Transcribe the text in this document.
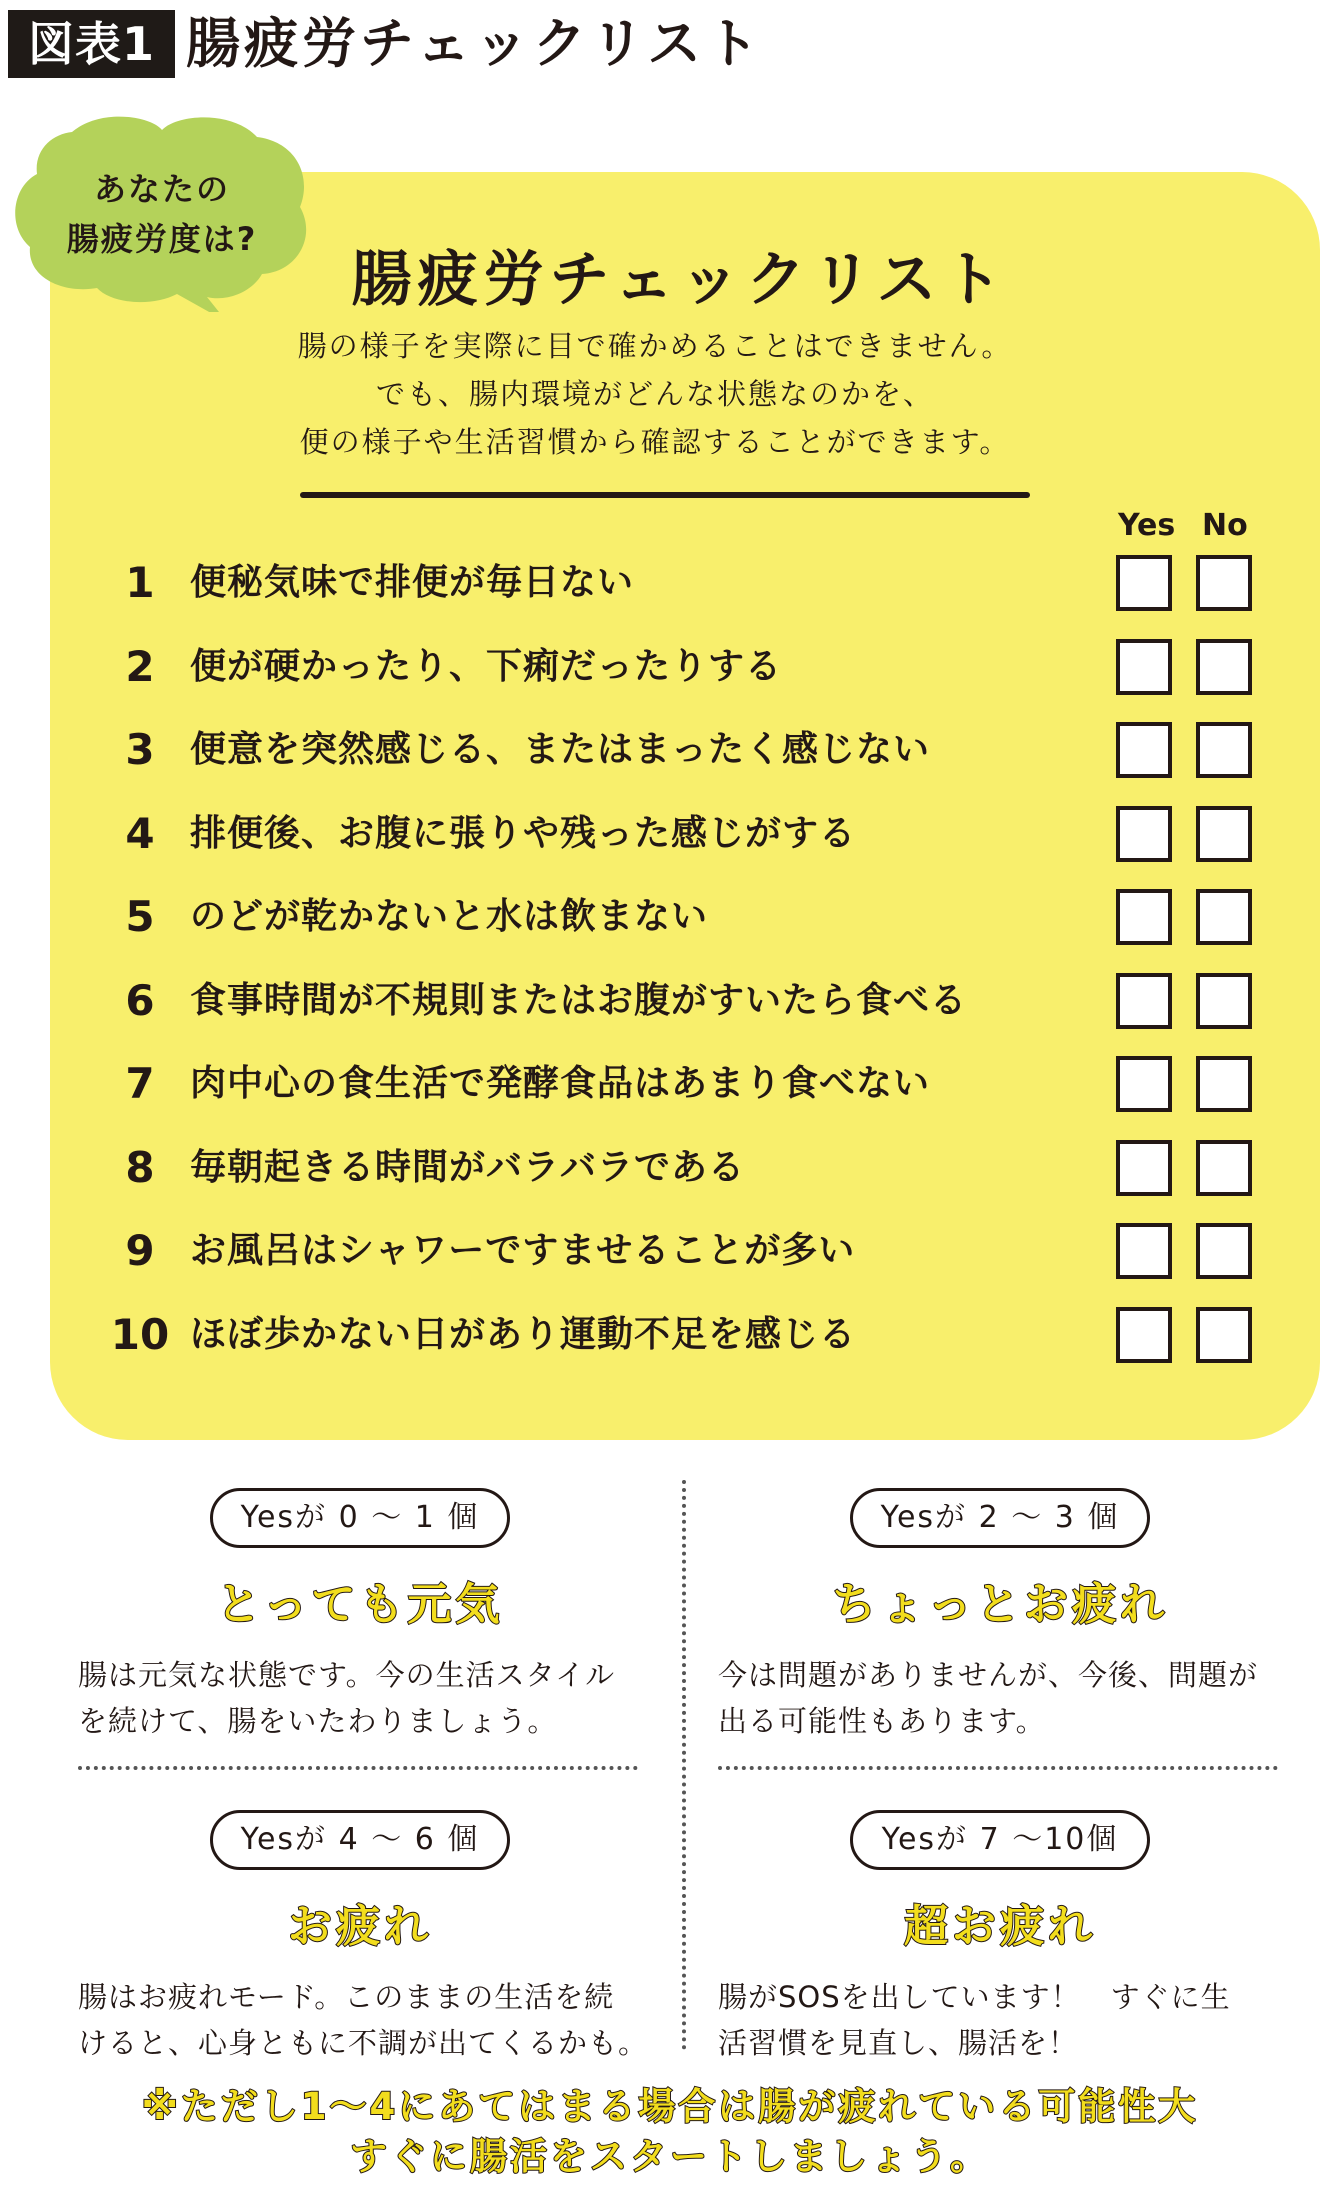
図表1 腸疲労チェックリスト
あなたの
腸疲労度は?
腸疲労チェックリスト
腸の様子を実際に目で確かめることはできません。
でも、腸内環境がどんな状態なのかを、
便の様子や生活習慣から確認することができます。
Yes No
1 便秘気味で排便が毎日ない
2 便が硬かったり、下痢だったりする
3 便意を突然感じる、またはまったく感じない
4 排便後、お腹に張りや残った感じがする
5 のどが乾かないと水は飲まない
6 食事時間が不規則またはお腹がすいたら食べる
7 肉中心の食生活で発酵食品はあまり食べない
8 毎朝起きる時間がバラバラである
9 お風呂はシャワーですませることが多い
10 ほぼ歩かない日があり運動不足を感じる
Yesが 0 ～ 1 個
とっても元気
腸は元気な状態です。今の生活スタイル
を続けて、腸をいたわりましょう。
Yesが 2 ～ 3 個
ちょっとお疲れ
今は問題がありませんが、今後、問題が
出る可能性もあります。
Yesが 4 ～ 6 個
お疲れ
腸はお疲れモード。このままの生活を続
けると、心身ともに不調が出てくるかも。
Yesが 7 ～10個
超お疲れ
腸がSOSを出しています！　すぐに生
活習慣を見直し、腸活を！
※ただし1～4にあてはまる場合は腸が疲れている可能性大
すぐに腸活をスタートしましょう。
